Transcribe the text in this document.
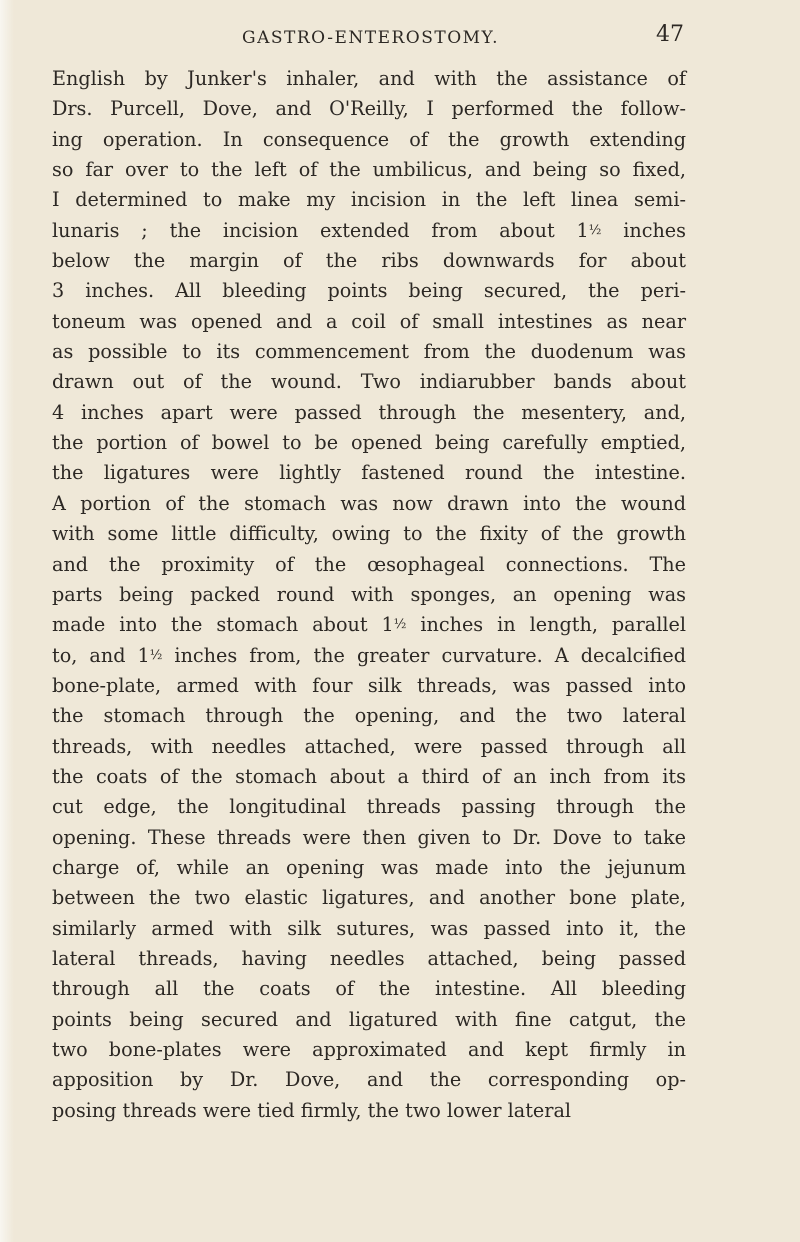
GASTRO-ENTEROSTOMY.	47
English by Junker's inhaler, and with the assistance of
Drs. Purcell, Dove, and O'Reilly, I performed the follow-
ing operation. In consequence of the growth extending
so far over to the left of the umbilicus, and being so fixed,
I determined to make my incision in the left linea semi-
lunaris ; the incision extended from about 1½ inches
below the margin of the ribs downwards for about
3 inches. All bleeding points being secured, the peri-
toneum was opened and a coil of small intestines as near
as possible to its commencement from the duodenum was
drawn out of the wound. Two indiarubber bands about
4 inches apart were passed through the mesentery, and,
the portion of bowel to be opened being carefully emptied,
the ligatures were lightly fastened round the intestine.
A portion of the stomach was now drawn into the wound
with some little difficulty, owing to the fixity of the growth
and the proximity of the œsophageal connections. The
parts being packed round with sponges, an opening was
made into the stomach about 1½ inches in length, parallel
to, and 1½ inches from, the greater curvature. A decalcified
bone-plate, armed with four silk threads, was passed into
the stomach through the opening, and the two lateral
threads, with needles attached, were passed through all
the coats of the stomach about a third of an inch from its
cut edge, the longitudinal threads passing through the
opening. These threads were then given to Dr. Dove to take
charge of, while an opening was made into the jejunum
between the two elastic ligatures, and another bone plate,
similarly armed with silk sutures, was passed into it, the
lateral threads, having needles attached, being passed
through all the coats of the intestine. All bleeding
points being secured and ligatured with fine catgut, the
two bone-plates were approximated and kept firmly in
apposition by Dr. Dove, and the corresponding op-
posing threads were tied firmly, the two lower lateral
